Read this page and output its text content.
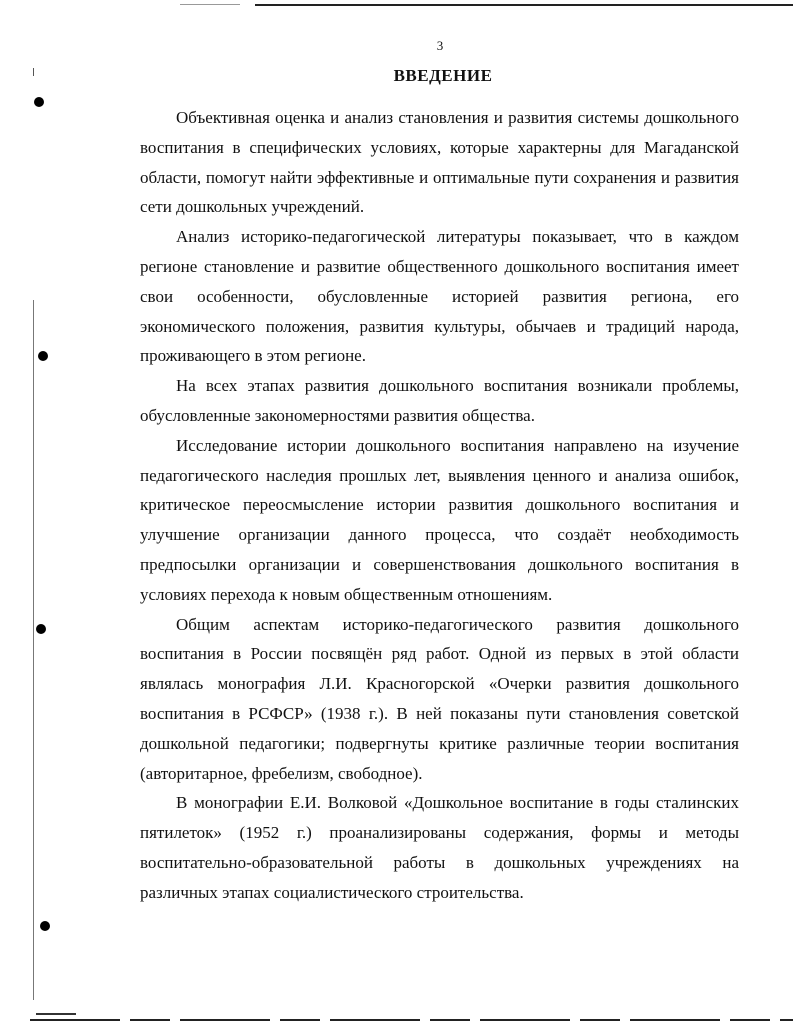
3
ВВЕДЕНИЕ

Объективная оценка и анализ становления и развития системы дошкольного воспитания в специфических условиях, которые характерны для Магаданской области, помогут найти эффективные и оптимальные пути сохранения и развития сети дошкольных учреждений.

Анализ историко-педагогической литературы показывает, что в каждом регионе становление и развитие общественного дошкольного воспитания имеет свои особенности, обусловленные историей развития региона, его экономического положения, развития культуры, обычаев и традиций народа, проживающего в этом регионе.

На всех этапах развития дошкольного воспитания возникали проблемы, обусловленные закономерностями развития общества.

Исследование истории дошкольного воспитания направлено на изучение педагогического наследия прошлых лет, выявления ценного и анализа ошибок, критическое переосмысление истории развития дошкольного воспитания и улучшение организации данного процесса, что создаёт необходимость предпосылки организации и совершенствования дошкольного воспитания в условиях перехода к новым общественным отношениям.

Общим аспектам историко-педагогического развития дошкольного воспитания в России посвящён ряд работ. Одной из первых в этой области являлась монография Л.И. Красногорской «Очерки развития дошкольного воспитания в РСФСР» (1938 г.). В ней показаны пути становления советской дошкольной педагогики; подвергнуты критике различные теории воспитания (авторитарное, фребелизм, свободное).

В монографии Е.И. Волковой «Дошкольное воспитание в годы сталинских пятилеток» (1952 г.) проанализированы содержания, формы и методы воспитательно-образовательной работы в дошкольных учреждениях на различных этапах социалистического строительства.
